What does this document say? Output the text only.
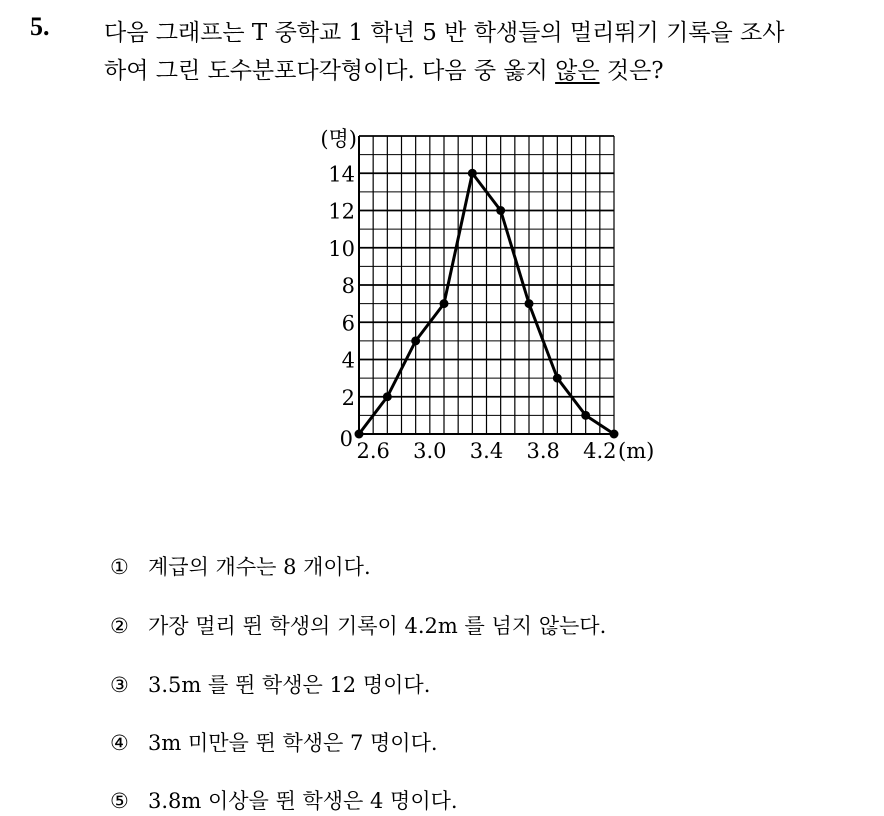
5. 다음 그래프는 T 중학교 1 학년 5 반 학생들의 멀리뛰기 기록을 조사
하여 그린 도수분포다각형이다. 다음 중 옳지 않은 것은?
0
2
4
6
8
10
12
14
2.6 3.0 3.4 3.8 4.2
(명)
(m)
① 계급의 개수는 8 개이다.
② 가장 멀리 뛴 학생의 기록이 4.2m 를 넘지 않는다.
③ 3.5m 를 뛴 학생은 12 명이다.
④ 3m 미만을 뛴 학생은 7 명이다.
⑤ 3.8m 이상을 뛴 학생은 4 명이다.
